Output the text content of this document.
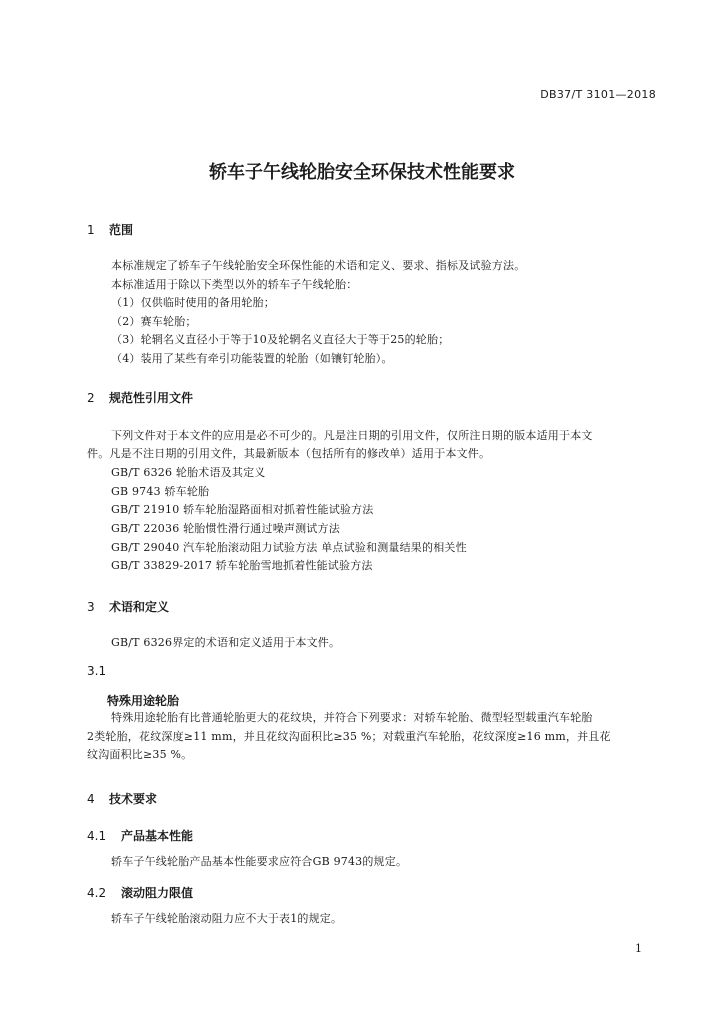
DB37/T 3101—2018
轿车子午线轮胎安全环保技术性能要求
1 范围
本标准规定了轿车子午线轮胎安全环保性能的术语和定义、要求、指标及试验方法。
本标准适用于除以下类型以外的轿车子午线轮胎：
（1）仅供临时使用的备用轮胎；
（2）赛车轮胎；
（3）轮辋名义直径小于等于10及轮辋名义直径大于等于25的轮胎；
（4）装用了某些有牵引功能装置的轮胎（如镶钉轮胎）。
2 规范性引用文件
下列文件对于本文件的应用是必不可少的。凡是注日期的引用文件，仅所注日期的版本适用于本文
件。凡是不注日期的引用文件，其最新版本（包括所有的修改单）适用于本文件。
GB/T 6326 轮胎术语及其定义
GB 9743 轿车轮胎
GB/T 21910 轿车轮胎湿路面相对抓着性能试验方法
GB/T 22036 轮胎惯性滑行通过噪声测试方法
GB/T 29040 汽车轮胎滚动阻力试验方法 单点试验和测量结果的相关性
GB/T 33829-2017 轿车轮胎雪地抓着性能试验方法
3 术语和定义
GB/T 6326界定的术语和定义适用于本文件。
3.1
特殊用途轮胎
特殊用途轮胎有比普通轮胎更大的花纹块，并符合下列要求：对轿车轮胎、微型轻型载重汽车轮胎
2类轮胎，花纹深度≥11 mm，并且花纹沟面积比≥35 %；对载重汽车轮胎，花纹深度≥16 mm，并且花
纹沟面积比≥35 %。
4 技术要求
4.1 产品基本性能
轿车子午线轮胎产品基本性能要求应符合GB 9743的规定。
4.2 滚动阻力限值
轿车子午线轮胎滚动阻力应不大于表1的规定。
1
